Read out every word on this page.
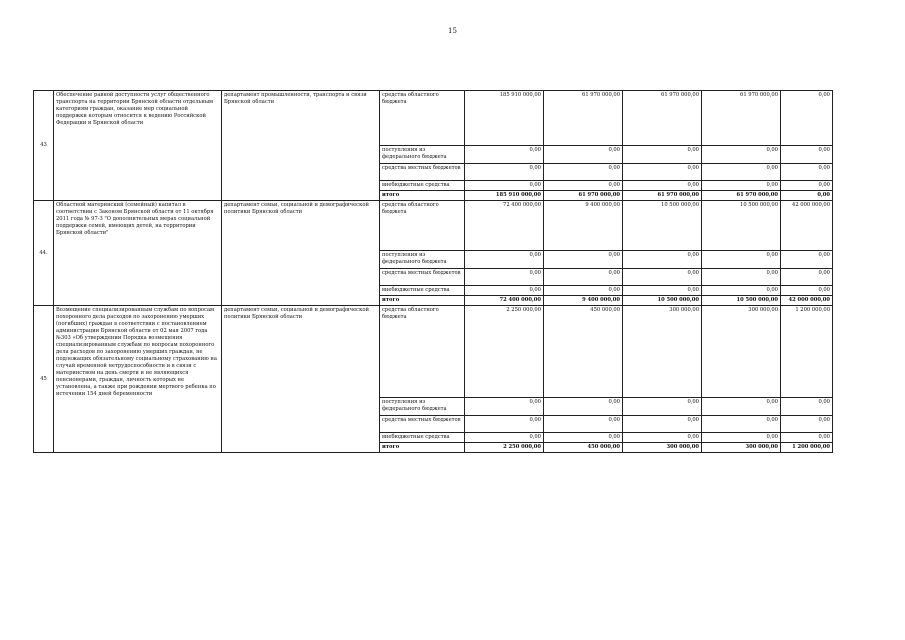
15
43	Обеспечение равной доступности услуг общественного транспорта на территории Брянской области отдельным категориям граждан, оказание мер социальной поддержки которым относится к ведению Российской Федерации и Брянской области	департамент промышленности, транспорта и связи Брянской области	средства областного бюджета	185 910 000,00	61 970 000,00	61 970 000,00	61 970 000,00	0,00
			поступления из федерального бюджета	0,00	0,00	0,00	0,00	0,00
			средства местных бюджетов	0,00	0,00	0,00	0,00	0,00
			внебюджетные средства	0,00	0,00	0,00	0,00	0,00
			итого	185 910 000,00	61 970 000,00	61 970 000,00	61 970 000,00	0,00
44.	Областной материнский (семейный) капитал в соответствии с Законом Брянской области от 11 октября 2011 года № 97-З "О дополнительных мерах социальной поддержки семей, имеющих детей, на территории Брянской области"	департамент семьи, социальной и демографической политики Брянской области	средства областного бюджета	72 400 000,00	9 400 000,00	10 500 000,00	10 500 000,00	42 000 000,00
			поступления из федерального бюджета	0,00	0,00	0,00	0,00	0,00
			средства местных бюджетов	0,00	0,00	0,00	0,00	0,00
			внебюджетные средства	0,00	0,00	0,00	0,00	0,00
			итого	72 400 000,00	9 400 000,00	10 500 000,00	10 500 000,00	42 000 000,00
45	Возмещение специализированным службам по вопросам похоронного дела расходов по захоронению умерших (погибших) граждан в соответствии с постановлением администрации Брянской области от 02 мая 2007 года №303 «Об утверждении Порядка возмещения специализированным службам по вопросам похоронного дела расходов по захоронению умерших граждан, не подлежащих обязательному социальному страхованию на случай временной нетрудоспособности и в связи с материнством на день смерти и не являющихся пенсионерами, граждан, личность которых не установлена, а также при рождении мертвого ребенка по истечении 154 дней беременности	департамент семьи, социальной и демографической политики Брянской области	средства областного бюджета	2 250 000,00	450 000,00	300 000,00	300 000,00	1 200 000,00
			поступления из федерального бюджета	0,00	0,00	0,00	0,00	0,00
			средства местных бюджетов	0,00	0,00	0,00	0,00	0,00
			внебюджетные средства	0,00	0,00	0,00	0,00	0,00
			итого	2 250 000,00	450 000,00	300 000,00	300 000,00	1 200 000,00
